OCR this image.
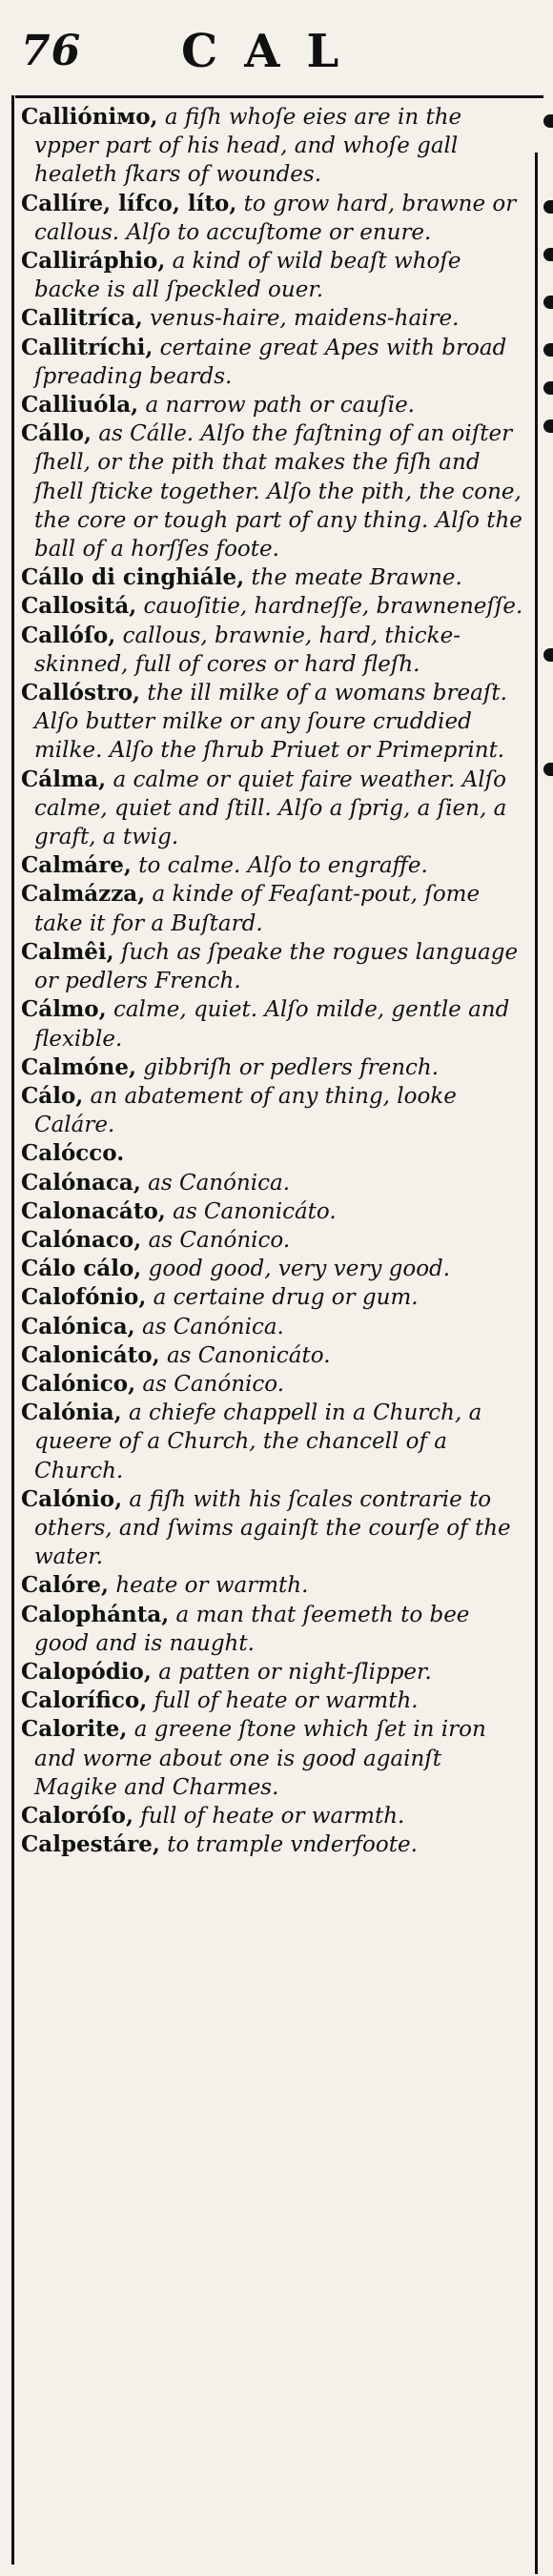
76 CAL

Callióniмо, a fiſh whoſe eies are in the vpper part of his head, and whoſe gall healeth ſkars of woundes.

Callíre, lífco, líto, to grow hard, brawne or callous. Alſo to accuſtome or enure.

Calliráphio, a kind of wild beaſt whoſe backe is all ſpeckled ouer.

Callitríca, venus-haire, maidens-haire.

Callitríchi, certaine great Apes with broad ſpreading beards.

Calliuóla, a narrow path or cauſie.

Cállo, as Cálle. Alſo the faſtning of an oiſter ſhell, or the pith that makes the fiſh and ſhell ſticke together. Alſo the pith, the cone, the core or tough part of any thing. Alſo the ball of a horſſes foote.

Cállo di cinghiále, the meate Brawne.

Callositá, cauoſitie, hardneſſe, brawneneſſe.

Callóſo, callous, brawnie, hard, thicke-skinned, full of cores or hard fleſh.

Callóstro, the ill milke of a womans breaſt. Alſo butter milke or any ſoure cruddied milke. Alſo the ſhrub Priuet or Primeprint.

Cálma, a calme or quiet faire weather. Alſo calme, quiet and ſtill. Alſo a ſprig, a ſien, a graft, a twig.

Calmáre, to calme. Alſo to engraffe.

Calmázza, a kinde of Feaſant-pout, ſome take it for a Buſtard.

Calmêi, ſuch as ſpeake the rogues language or pedlers French.

Cálmo, calme, quiet. Alſo milde, gentle and flexible.

Calmóne, gibbriſh or pedlers french.

Cálo, an abatement of any thing, looke Caláre.

Calócco.

Calónaca, as Canónica.

Calonacáto, as Canonicáto.

Calónaco, as Canónico.

Cálo cálo, good good, very very good.

Calofónio, a certaine drug or gum.

Calónica, as Canónica.

Calonicáto, as Canonicáto.

Calónico, as Canónico.

Calónia, a chiefe chappell in a Church, a queere of a Church, the chancell of a Church.

Calónio, a fiſh with his ſcales contrarie to others, and ſwims againſt the courſe of the water.

Calóre, heate or warmth.

Calophánta, a man that ſeemeth to bee good and is naught.

Calopódio, a patten or night-ſlipper.

Calorífico, full of heate or warmth.

Calorite, a greene ſtone which ſet in iron and worne about one is good againſt Magike and Charmes.

Caloróſo, full of heate or warmth.

Calpestáre, to trample vnderfoote.
